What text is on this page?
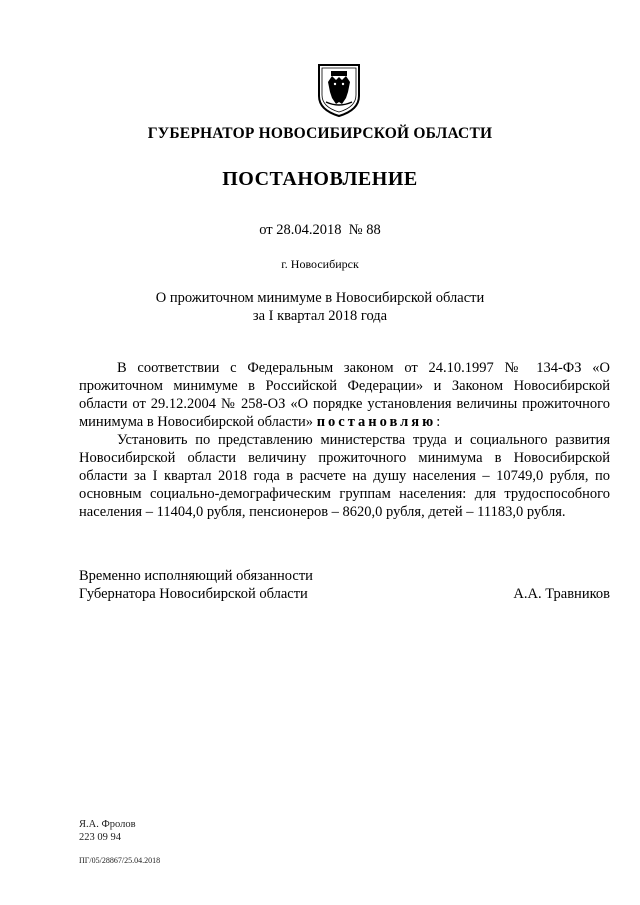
ГУБЕРНАТОР НОВОСИБИРСКОЙ ОБЛАСТИ
ПОСТАНОВЛЕНИЕ
от 28.04.2018  № 88
г. Новосибирск
О прожиточном минимуме в Новосибирской области
за I квартал 2018 года

В соответствии с Федеральным законом от 24.10.1997 № 134-ФЗ «О прожиточном минимуме в Российской Федерации» и Законом Новосибирской области от 29.12.2004 № 258-ОЗ «О порядке установления величины прожиточного минимума в Новосибирской области» постановляю:

Установить по представлению министерства труда и социального развития Новосибирской области величину прожиточного минимума в Новосибирской области за I квартал 2018 года в расчете на душу населения – 10749,0 рубля, по основным социально-демографическим группам населения: для трудоспособного населения – 11404,0 рубля, пенсионеров – 8620,0 рубля, детей – 11183,0 рубля.

Временно исполняющий обязанности
Губернатора Новосибирской области	А.А. Травников
Я.А. Фролов
223 09 94
ПГ/05/28867/25.04.2018
